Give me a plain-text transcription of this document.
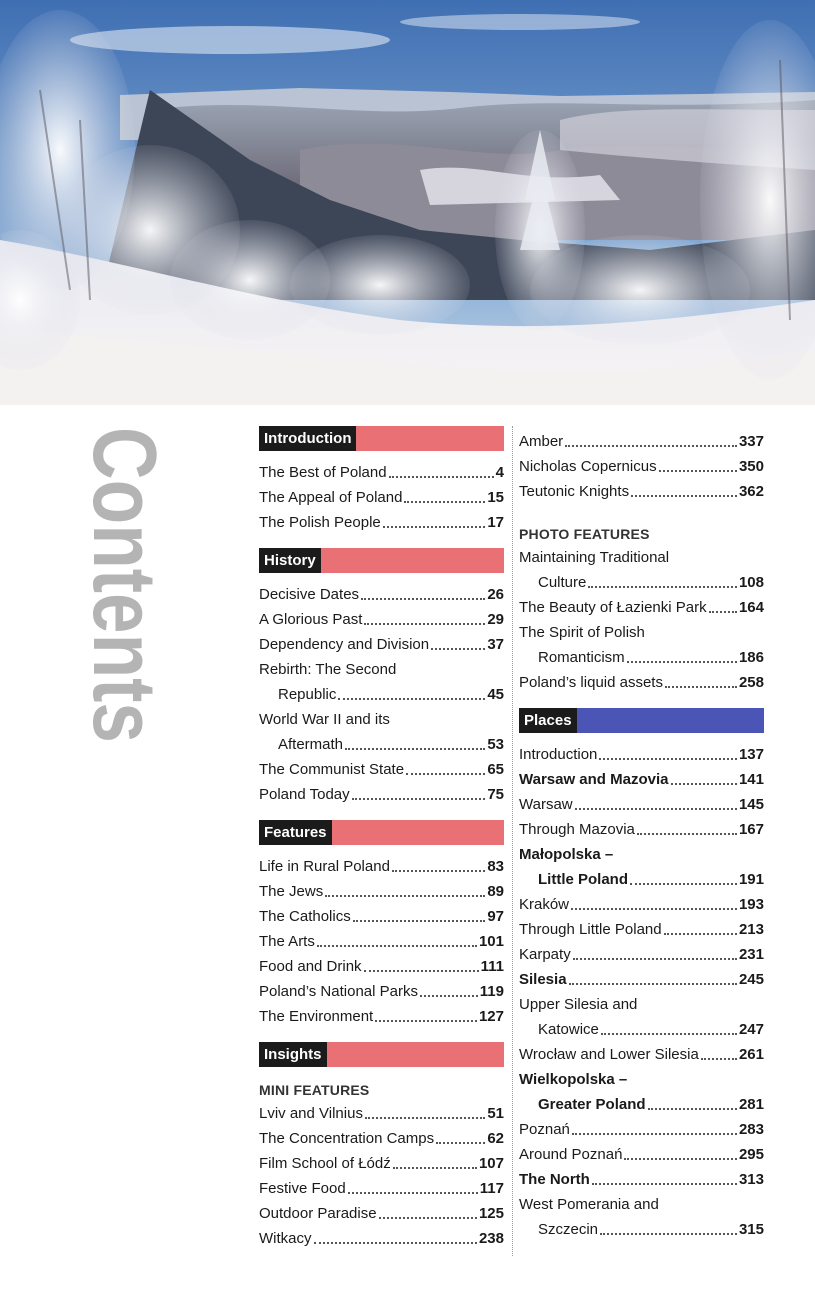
Contents	Introduction
The Best of Poland	4
The Appeal of Poland	15
The Polish People	17
History
Decisive Dates	26
A Glorious Past	29
Dependency and Division	37
Rebirth: The Second
Republic	45
World War II and its
Aftermath	53
The Communist State	65
Poland Today	75
Features
Life in Rural Poland	83
The Jews	89
The Catholics	97
The Arts	101
Food and Drink	111
Poland’s National Parks	119
The Environment	127
Insights
MINI FEATURES
Lviv and Vilnius	51
The Concentration Camps	62
Film School of Łódź	107
Festive Food	117
Outdoor Paradise	125
Witkacy	238
Amber	337
Nicholas Copernicus	350
Teutonic Knights	362
PHOTO FEATURES
Maintaining Traditional
Culture	108
The Beauty of Łazienki Park 164
The Spirit of Polish
Romanticism	186
Poland’s liquid assets	258
Places
Introduction	137
Warsaw and Mazovia	141
Warsaw	145
Through Mazovia	167
Małopolska –
Little Poland	191
Kraków	193
Through Little Poland	213
Karpaty	231
Silesia	245
Upper Silesia and
Katowice	247
Wrocław and Lower Silesia	261
Wielkopolska –
Greater Poland	281
Poznań	283
Around Poznań	295
The North	313
West Pomerania and
Szczecin	315
